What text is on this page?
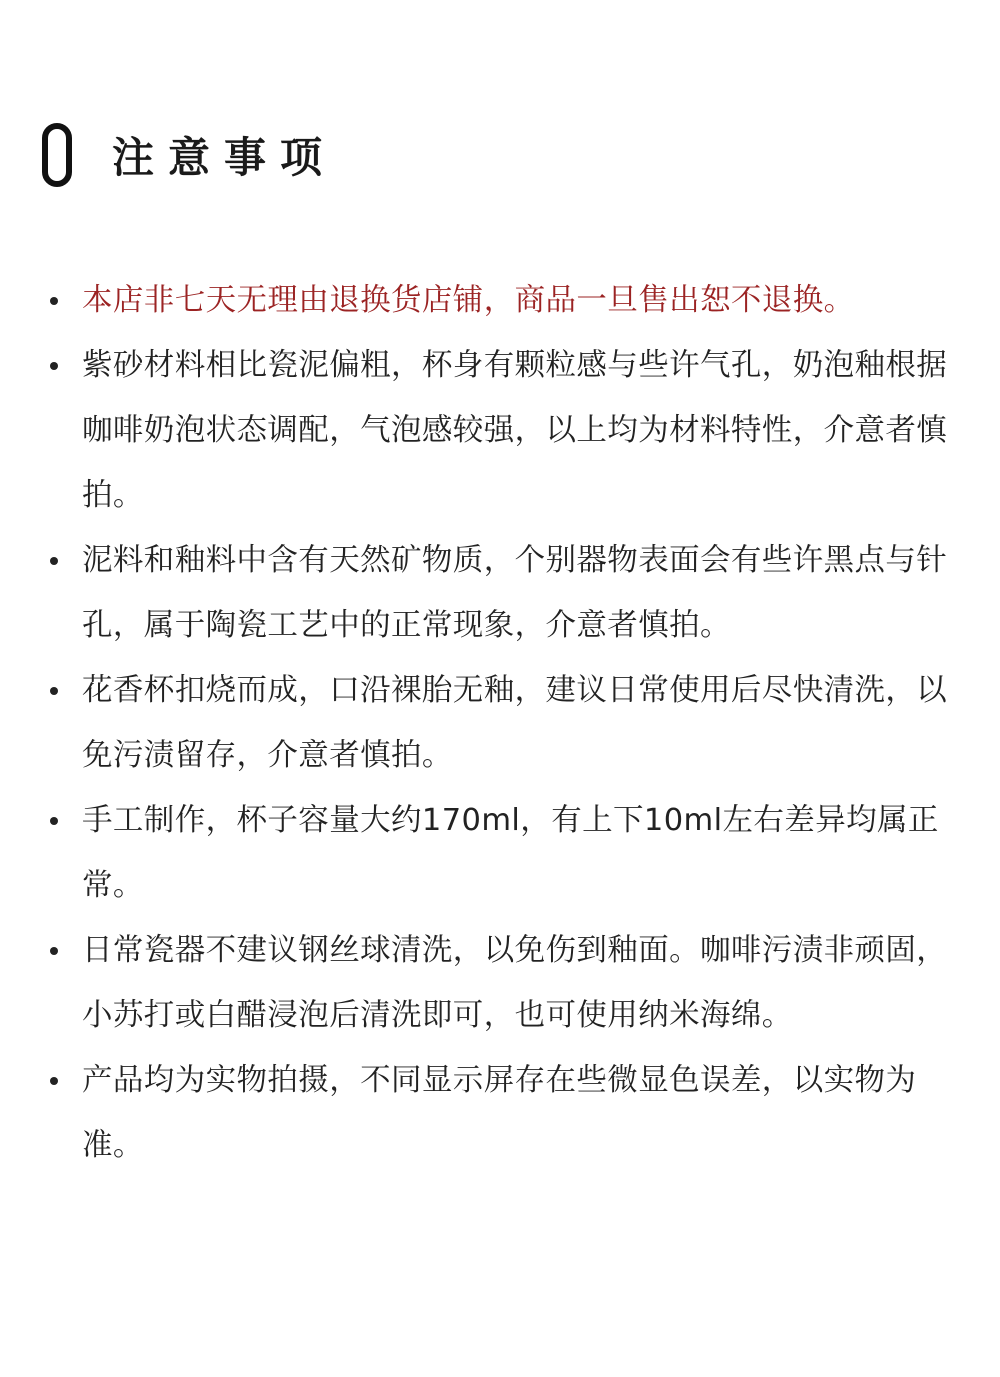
注意事项
本店非七天无理由退换货店铺，商品一旦售出恕不退换。
紫砂材料相比瓷泥偏粗，杯身有颗粒感与些许气孔，奶泡釉根据咖啡奶泡状态调配，气泡感较强，以上均为材料特性，介意者慎拍。
泥料和釉料中含有天然矿物质，个别器物表面会有些许黑点与针孔，属于陶瓷工艺中的正常现象，介意者慎拍。
花香杯扣烧而成，口沿裸胎无釉，建议日常使用后尽快清洗，以免污渍留存，介意者慎拍。
手工制作，杯子容量大约170ml，有上下10ml左右差异均属正常。
日常瓷器不建议钢丝球清洗，以免伤到釉面。咖啡污渍非顽固，小苏打或白醋浸泡后清洗即可，也可使用纳米海绵。
产品均为实物拍摄，不同显示屏存在些微显色误差，以实物为准。
